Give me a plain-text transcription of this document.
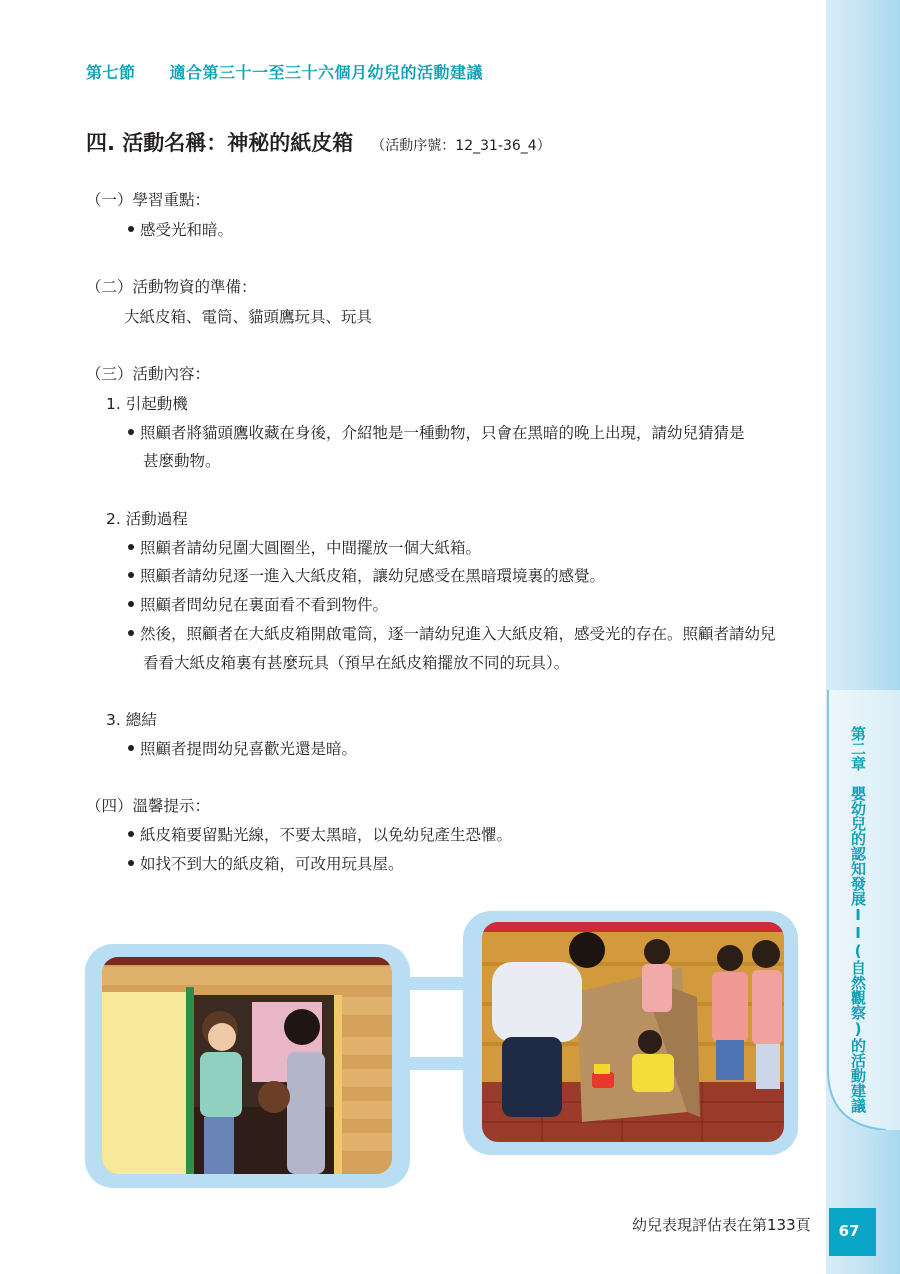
第二章　嬰幼兒的認知發展II(自然觀察)的活動建議
第七節 適合第三十一至三十六個月幼兒的活動建議
四. 活動名稱：神秘的紙皮箱 （活動序號：12_31-36_4）
（一）學習重點：
感受光和暗。
（二）活動物資的準備：
大紙皮箱、電筒、貓頭鷹玩具、玩具
（三）活動內容：
1. 引起動機
照顧者將貓頭鷹收藏在身後，介紹牠是一種動物，只會在黑暗的晚上出現，請幼兒猜猜是
甚麼動物。
2. 活動過程
照顧者請幼兒圍大圓圈坐，中間擺放一個大紙箱。
照顧者請幼兒逐一進入大紙皮箱，讓幼兒感受在黑暗環境裏的感覺。
照顧者問幼兒在裏面看不看到物件。
然後，照顧者在大紙皮箱開啟電筒，逐一請幼兒進入大紙皮箱，感受光的存在。照顧者請幼兒
看看大紙皮箱裏有甚麼玩具（預早在紙皮箱擺放不同的玩具）。
3. 總結
照顧者提問幼兒喜歡光還是暗。
（四）溫馨提示：
紙皮箱要留點光線，不要太黑暗，以免幼兒產生恐懼。
如找不到大的紙皮箱，可改用玩具屋。
幼兒表現評估表在第133頁	67
